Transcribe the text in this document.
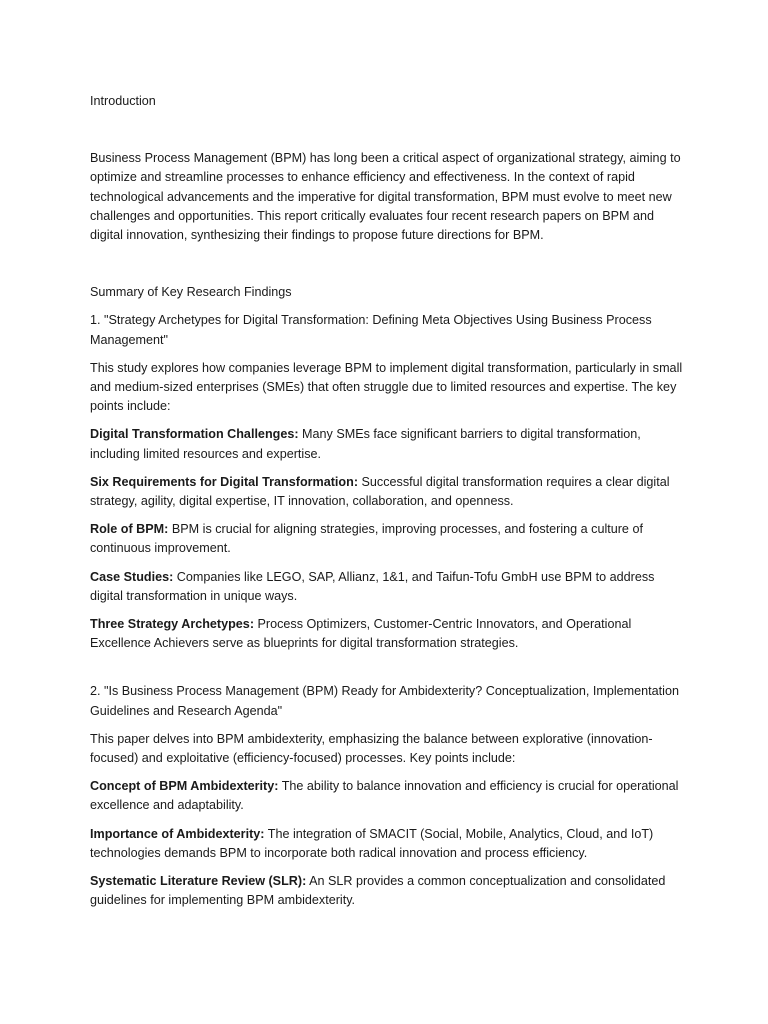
Introduction

Business Process Management (BPM) has long been a critical aspect of organizational strategy, aiming to optimize and streamline processes to enhance efficiency and effectiveness. In the context of rapid technological advancements and the imperative for digital transformation, BPM must evolve to meet new challenges and opportunities. This report critically evaluates four recent research papers on BPM and digital innovation, synthesizing their findings to propose future directions for BPM.

Summary of Key Research Findings

1. "Strategy Archetypes for Digital Transformation: Defining Meta Objectives Using Business Process Management"

This study explores how companies leverage BPM to implement digital transformation, particularly in small and medium-sized enterprises (SMEs) that often struggle due to limited resources and expertise. The key points include:

Digital Transformation Challenges: Many SMEs face significant barriers to digital transformation, including limited resources and expertise.

Six Requirements for Digital Transformation: Successful digital transformation requires a clear digital strategy, agility, digital expertise, IT innovation, collaboration, and openness.

Role of BPM: BPM is crucial for aligning strategies, improving processes, and fostering a culture of continuous improvement.

Case Studies: Companies like LEGO, SAP, Allianz, 1&1, and Taifun-Tofu GmbH use BPM to address digital transformation in unique ways.

Three Strategy Archetypes: Process Optimizers, Customer-Centric Innovators, and Operational Excellence Achievers serve as blueprints for digital transformation strategies.

2. "Is Business Process Management (BPM) Ready for Ambidexterity? Conceptualization, Implementation Guidelines and Research Agenda"

This paper delves into BPM ambidexterity, emphasizing the balance between explorative (innovation-focused) and exploitative (efficiency-focused) processes. Key points include:

Concept of BPM Ambidexterity: The ability to balance innovation and efficiency is crucial for operational excellence and adaptability.

Importance of Ambidexterity: The integration of SMACIT (Social, Mobile, Analytics, Cloud, and IoT) technologies demands BPM to incorporate both radical innovation and process efficiency.

Systematic Literature Review (SLR): An SLR provides a common conceptualization and consolidated guidelines for implementing BPM ambidexterity.
